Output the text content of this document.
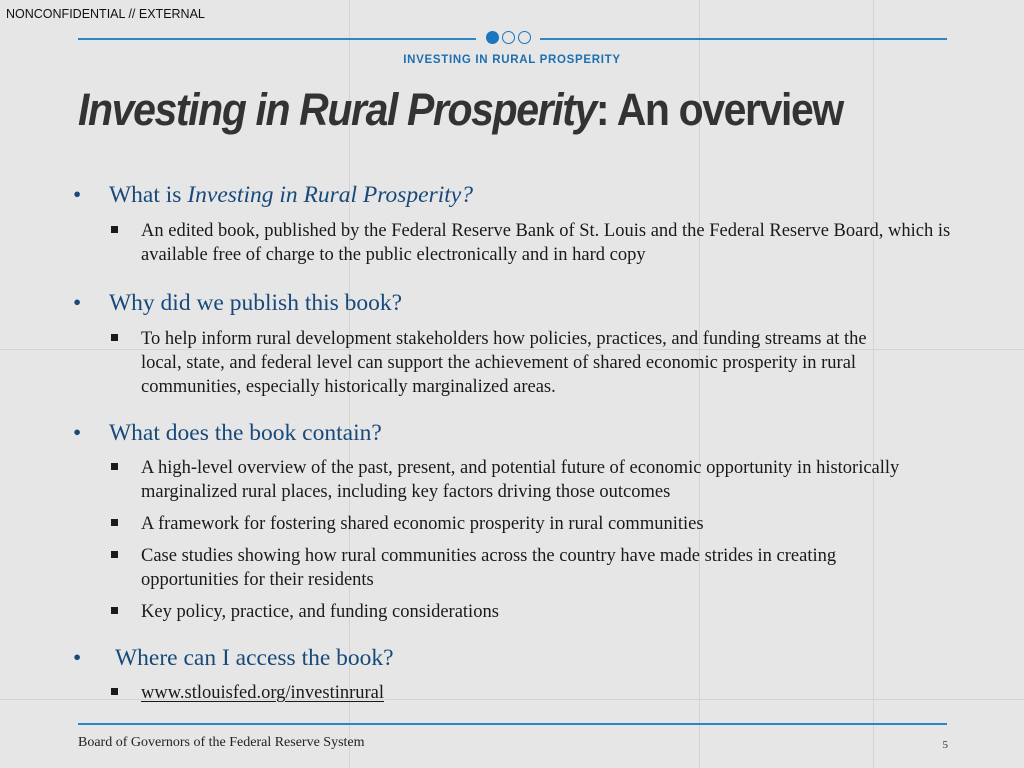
NONCONFIDENTIAL // EXTERNAL
INVESTING IN RURAL PROSPERITY
Investing in Rural Prosperity: An overview

• What is Investing in Rural Prosperity?

An edited book, published by the Federal Reserve Bank of St. Louis and the Federal Reserve Board, which is available free of charge to the public electronically and in hard copy

• Why did we publish this book?

To help inform rural development stakeholders how policies, practices, and funding streams at the local, state, and federal level can support the achievement of shared economic prosperity in rural communities, especially historically marginalized areas.

• What does the book contain?

A high-level overview of the past, present, and potential future of economic opportunity in historically marginalized rural places, including key factors driving those outcomes

A framework for fostering shared economic prosperity in rural communities

Case studies showing how rural communities across the country have made strides in creating opportunities for their residents

Key policy, practice, and funding considerations

• Where can I access the book?

www.stlouisfed.org/investinrural

Board of Governors of the Federal Reserve System	5
